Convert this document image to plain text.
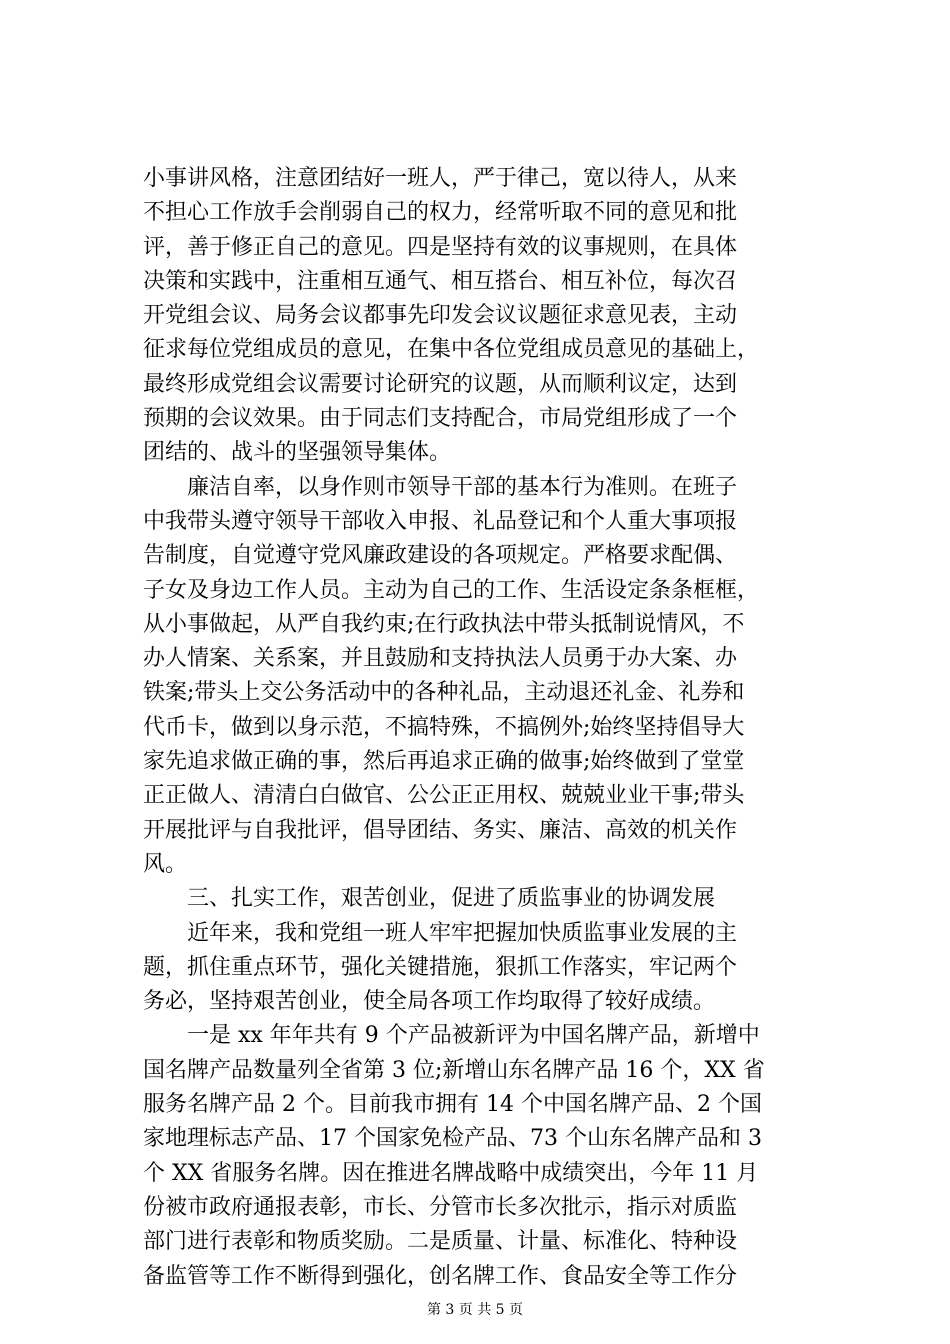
小事讲风格，注意团结好一班人，严于律己，宽以待人，从来
不担心工作放手会削弱自己的权力，经常听取不同的意见和批
评，善于修正自己的意见。四是坚持有效的议事规则，在具体
决策和实践中，注重相互通气、相互搭台、相互补位，每次召
开党组会议、局务会议都事先印发会议议题征求意见表，主动
征求每位党组成员的意见，在集中各位党组成员意见的基础上，
最终形成党组会议需要讨论研究的议题，从而顺利议定，达到
预期的会议效果。由于同志们支持配合，市局党组形成了一个
团结的、战斗的坚强领导集体。
廉洁自率，以身作则市领导干部的基本行为准则。在班子
中我带头遵守领导干部收入申报、礼品登记和个人重大事项报
告制度，自觉遵守党风廉政建设的各项规定。严格要求配偶、
子女及身边工作人员。主动为自己的工作、生活设定条条框框，
从小事做起，从严自我约束;在行政执法中带头抵制说情风，不
办人情案、关系案，并且鼓励和支持执法人员勇于办大案、办
铁案;带头上交公务活动中的各种礼品，主动退还礼金、礼券和
代币卡，做到以身示范，不搞特殊，不搞例外;始终坚持倡导大
家先追求做正确的事，然后再追求正确的做事;始终做到了堂堂
正正做人、清清白白做官、公公正正用权、兢兢业业干事;带头
开展批评与自我批评，倡导团结、务实、廉洁、高效的机关作
风。
三、扎实工作，艰苦创业，促进了质监事业的协调发展
近年来，我和党组一班人牢牢把握加快质监事业发展的主
题，抓住重点环节，强化关键措施，狠抓工作落实，牢记两个
务必，坚持艰苦创业，使全局各项工作均取得了较好成绩。
一是 xx 年年共有 9 个产品被新评为中国名牌产品，新增中
国名牌产品数量列全省第 3 位;新增山东名牌产品 16 个，XX 省
服务名牌产品 2 个。目前我市拥有 14 个中国名牌产品、2 个国
家地理标志产品、17 个国家免检产品、73 个山东名牌产品和 3
个 XX 省服务名牌。因在推进名牌战略中成绩突出，今年 11 月
份被市政府通报表彰，市长、分管市长多次批示，指示对质监
部门进行表彰和物质奖励。二是质量、计量、标准化、特种设
备监管等工作不断得到强化，创名牌工作、食品安全等工作分
第 3 页 共 5 页
